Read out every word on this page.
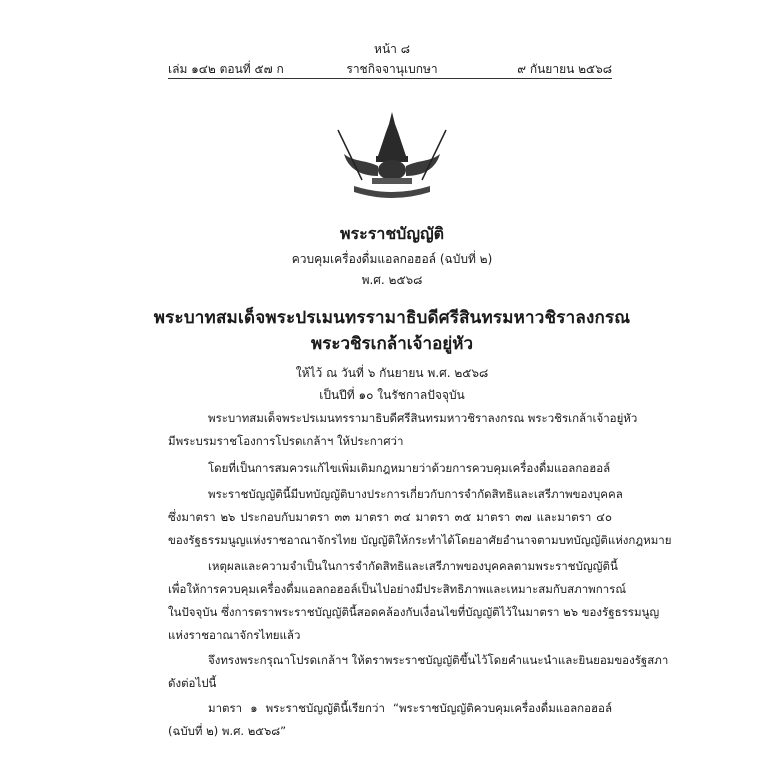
หน้า ๘
เล่ม ๑๔๒ ตอนที่ ๕๗ ก	ราชกิจจานุเบกษา	๙ กันยายน ๒๕๖๘
พระราชบัญญัติ
ควบคุมเครื่องดื่มแอลกอฮอล์ (ฉบับที่ ๒)
พ.ศ. ๒๕๖๘
พระบาทสมเด็จพระปรเมนทรรามาธิบดีศรีสินทรมหาวชิราลงกรณ
พระวชิรเกล้าเจ้าอยู่หัว
ให้ไว้ ณ วันที่ ๖ กันยายน พ.ศ. ๒๕๖๘
เป็นปีที่ ๑๐ ในรัชกาลปัจจุบัน
พระบาทสมเด็จพระปรเมนทรรามาธิบดีศรีสินทรมหาวชิราลงกรณ พระวชิรเกล้าเจ้าอยู่หัว
มีพระบรมราชโองการโปรดเกล้าฯ ให้ประกาศว่า
โดยที่เป็นการสมควรแก้ไขเพิ่มเติมกฎหมายว่าด้วยการควบคุมเครื่องดื่มแอลกอฮอล์
พระราชบัญญัตินี้มีบทบัญญัติบางประการเกี่ยวกับการจำกัดสิทธิและเสรีภาพของบุคคล
ซึ่งมาตรา ๒๖ ประกอบกับมาตรา ๓๓ มาตรา ๓๔ มาตรา ๓๕ มาตรา ๓๗ และมาตรา ๔๐
ของรัฐธรรมนูญแห่งราชอาณาจักรไทย บัญญัติให้กระทำได้โดยอาศัยอำนาจตามบทบัญญัติแห่งกฎหมาย
เหตุผลและความจำเป็นในการจำกัดสิทธิและเสรีภาพของบุคคลตามพระราชบัญญัตินี้
เพื่อให้การควบคุมเครื่องดื่มแอลกอฮอล์เป็นไปอย่างมีประสิทธิภาพและเหมาะสมกับสภาพการณ์
ในปัจจุบัน ซึ่งการตราพระราชบัญญัตินี้สอดคล้องกับเงื่อนไขที่บัญญัติไว้ในมาตรา ๒๖ ของรัฐธรรมนูญ
แห่งราชอาณาจักรไทยแล้ว
จึงทรงพระกรุณาโปรดเกล้าฯ ให้ตราพระราชบัญญัติขึ้นไว้โดยคำแนะนำและยินยอมของรัฐสภา
ดังต่อไปนี้
มาตรา ๑ พระราชบัญญัตินี้เรียกว่า “พระราชบัญญัติควบคุมเครื่องดื่มแอลกอฮอล์
(ฉบับที่ ๒) พ.ศ. ๒๕๖๘”
